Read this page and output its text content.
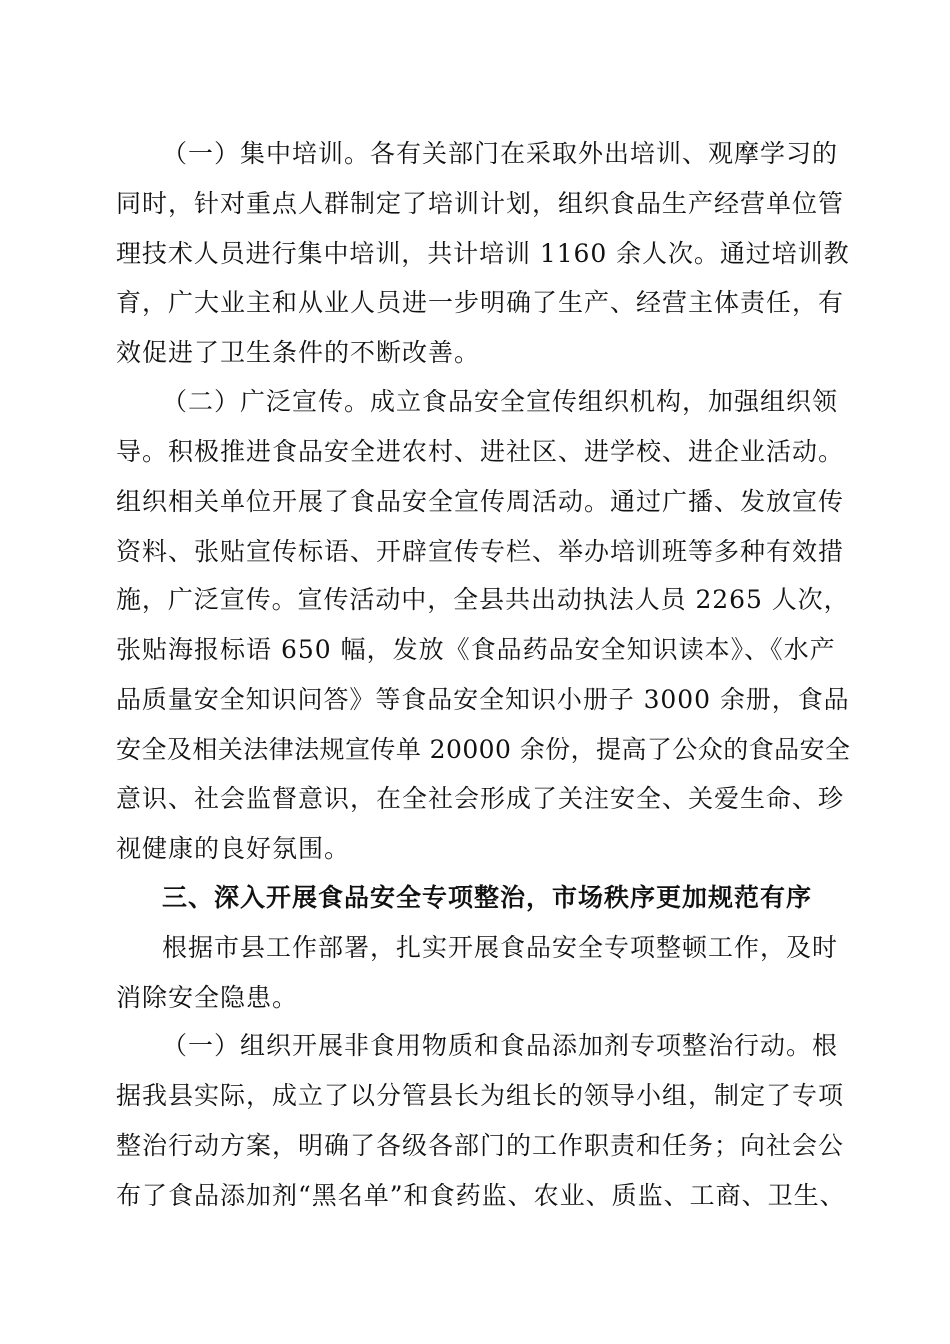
（一）集中培训。各有关部门在采取外出培训、观摩学习的
同时，针对重点人群制定了培训计划，组织食品生产经营单位管
理技术人员进行集中培训，共计培训 1160 余人次。通过培训教
育，广大业主和从业人员进一步明确了生产、经营主体责任，有
效促进了卫生条件的不断改善。
（二）广泛宣传。成立食品安全宣传组织机构，加强组织领
导。积极推进食品安全进农村、进社区、进学校、进企业活动。
组织相关单位开展了食品安全宣传周活动。通过广播、发放宣传
资料、张贴宣传标语、开辟宣传专栏、举办培训班等多种有效措
施，广泛宣传。宣传活动中，全县共出动执法人员 2265 人次，
张贴海报标语 650 幅，发放《食品药品安全知识读本》、《水产
品质量安全知识问答》等食品安全知识小册子 3000 余册，食品
安全及相关法律法规宣传单 20000 余份，提高了公众的食品安全
意识、社会监督意识，在全社会形成了关注安全、关爱生命、珍
视健康的良好氛围。
三、深入开展食品安全专项整治，市场秩序更加规范有序
根据市县工作部署，扎实开展食品安全专项整顿工作，及时
消除安全隐患。
（一）组织开展非食用物质和食品添加剂专项整治行动。根
据我县实际，成立了以分管县长为组长的领导小组，制定了专项
整治行动方案，明确了各级各部门的工作职责和任务；向社会公
布了食品添加剂“黑名单”和食药监、农业、质监、工商、卫生、
